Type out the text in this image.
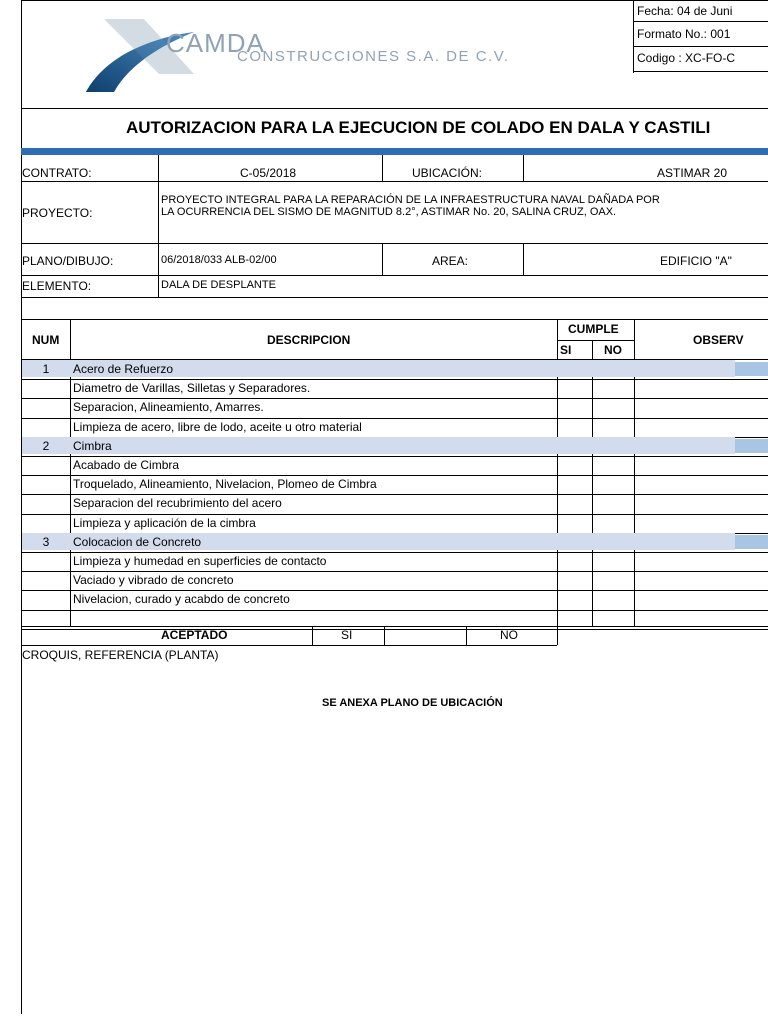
CAMDA
CONSTRUCCIONES S.A. DE C.V.
Fecha: 04 de Juni
Formato No.: 001
Codigo : XC-FO-C
AUTORIZACION PARA LA EJECUCION DE COLADO EN DALA Y CASTILI
CONTRATO:	C-05/2018	UBICACIÓN:	ASTIMAR 20
PROYECTO:
PROYECTO INTEGRAL PARA LA REPARACIÓN DE LA INFRAESTRUCTURA NAVAL DAÑADA POR LA OCURRENCIA DEL SISMO DE MAGNITUD 8.2°, ASTIMAR No. 20, SALINA CRUZ, OAX.
PLANO/DIBUJO:	06/2018/033 ALB-02/00	AREA:	EDIFICIO "A"
ELEMENTO:	DALA DE DESPLANTE
NUM	DESCRIPCION
CUMPLE
SI	NO
OBSERV
1	Acero de Refuerzo
Diametro de Varillas, Silletas y Separadores.
Separacion, Alineamiento, Amarres.
Limpieza de acero, libre de lodo, aceite u otro material
2	Cimbra
Acabado de Cimbra
Troquelado, Alineamiento, Nivelacion, Plomeo de Cimbra
Separacion del recubrimiento del acero
Limpieza y aplicación de la cimbra
3	Colocacion de Concreto
Limpieza y humedad en superficies de contacto
Vaciado y vibrado de concreto
Nivelacion, curado y acabdo de concreto
ACEPTADO	SI	NO
CROQUIS, REFERENCIA (PLANTA)
SE ANEXA PLANO DE UBICACIÓN
